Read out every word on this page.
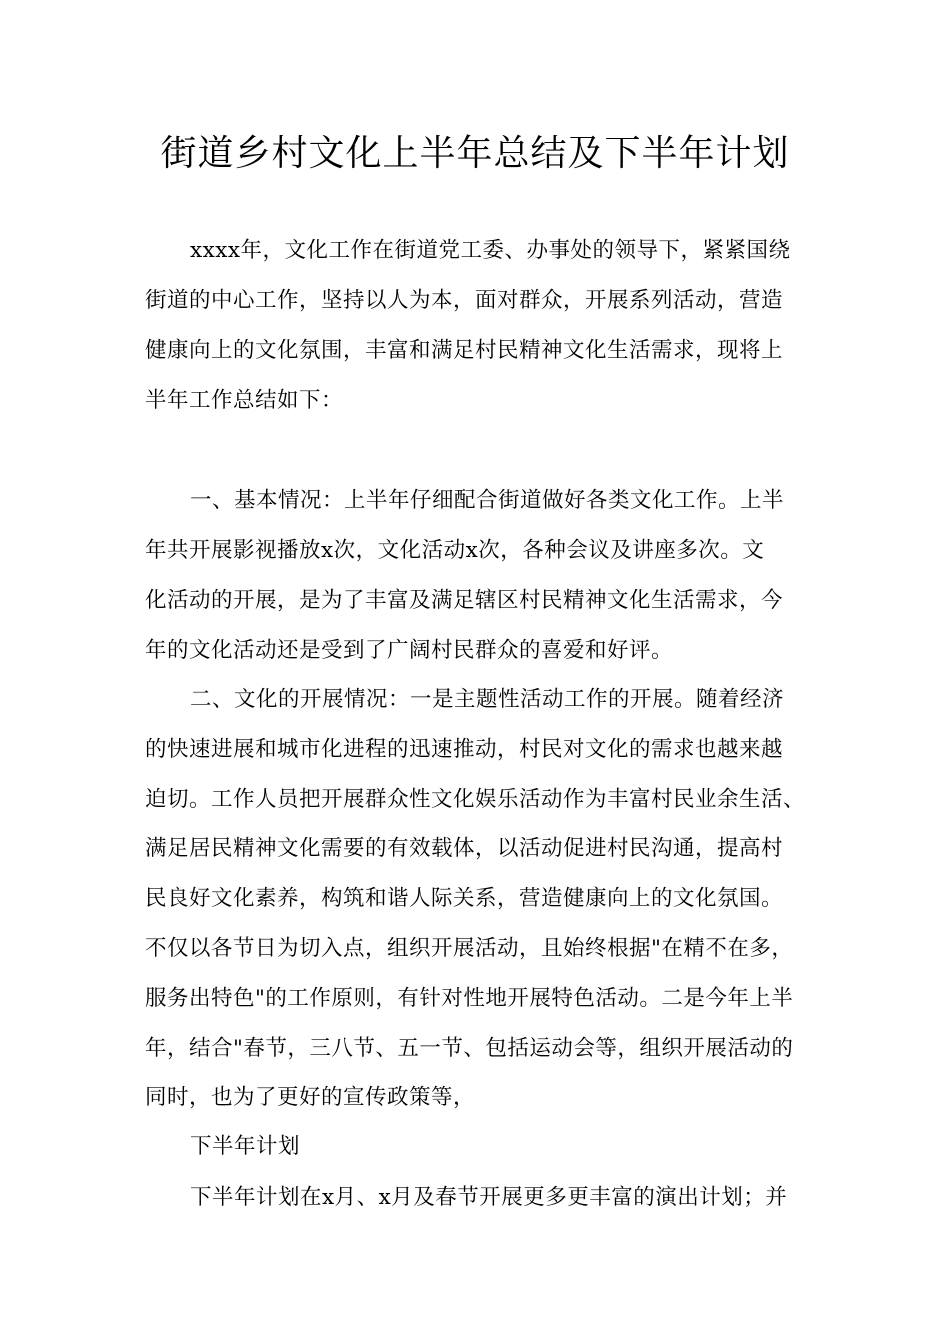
街道乡村文化上半年总结及下半年计划
xxxx年，文化工作在街道党工委、办事处的领导下，紧紧国绕
街道的中心工作，坚持以人为本，面对群众，开展系列活动，营造
健康向上的文化氛围，丰富和满足村民精神文化生活需求，现将上
半年工作总结如下：
一、基本情况：上半年仔细配合街道做好各类文化工作。上半
年共开展影视播放x次，文化活动x次，各种会议及讲座多次。文
化活动的开展，是为了丰富及满足辖区村民精神文化生活需求，今
年的文化活动还是受到了广阔村民群众的喜爱和好评。
二、文化的开展情况：一是主题性活动工作的开展。随着经济
的快速进展和城市化进程的迅速推动，村民对文化的需求也越来越
迫切。工作人员把开展群众性文化娱乐活动作为丰富村民业余生活、
满足居民精神文化需要的有效载体，以活动促进村民沟通，提高村
民良好文化素养，构筑和谐人际关系，营造健康向上的文化氛国。
不仅以各节日为切入点，组织开展活动，且始终根据"在精不在多，
服务出特色"的工作原则，有针对性地开展特色活动。二是今年上半
年，结合"春节，三八节、五一节、包括运动会等，组织开展活动的
同时，也为了更好的宣传政策等，
下半年计划
下半年计划在x月、x月及春节开展更多更丰富的演出计划；并
